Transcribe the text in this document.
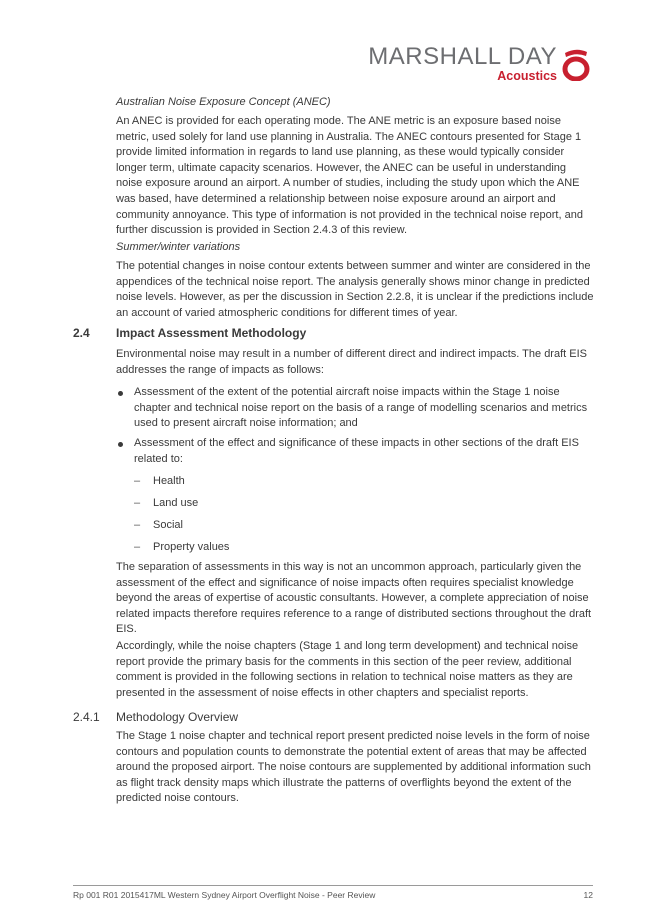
MARSHALL DAY
Acoustics
Australian Noise Exposure Concept (ANEC)

An ANEC is provided for each operating mode. The ANE metric is an exposure based noise metric, used solely for land use planning in Australia. The ANEC contours presented for Stage 1 provide limited information in regards to land use planning, as these would typically consider longer term, ultimate capacity scenarios. However, the ANEC can be useful in understanding noise exposure around an airport. A number of studies, including the study upon which the ANE was based, have determined a relationship between noise exposure around an airport and community annoyance. This type of information is not provided in the technical noise report, and further discussion is provided in Section 2.4.3 of this review.

Summer/winter variations

The potential changes in noise contour extents between summer and winter are considered in the appendices of the technical noise report. The analysis generally shows minor change in predicted noise levels. However, as per the discussion in Section 2.2.8, it is unclear if the predictions include an account of varied atmospheric conditions for different times of year.

2.4 Impact Assessment Methodology

Environmental noise may result in a number of different direct and indirect impacts. The draft EIS addresses the range of impacts as follows:

Assessment of the extent of the potential aircraft noise impacts within the Stage 1 noise chapter and technical noise report on the basis of a range of modelling scenarios and metrics used to present aircraft noise information; and
Assessment of the effect and significance of these impacts in other sections of the draft EIS related to:
– Health
– Land use
– Social
– Property values

The separation of assessments in this way is not an uncommon approach, particularly given the assessment of the effect and significance of noise impacts often requires specialist knowledge beyond the areas of expertise of acoustic consultants. However, a complete appreciation of noise related impacts therefore requires reference to a range of distributed sections throughout the draft EIS.

Accordingly, while the noise chapters (Stage 1 and long term development) and technical noise report provide the primary basis for the comments in this section of the peer review, additional comment is provided in the following sections in relation to technical noise matters as they are presented in the assessment of noise effects in other chapters and specialist reports.

2.4.1 Methodology Overview

The Stage 1 noise chapter and technical report present predicted noise levels in the form of noise contours and population counts to demonstrate the potential extent of areas that may be affected around the proposed airport. The noise contours are supplemented by additional information such as flight track density maps which illustrate the patterns of overflights beyond the extent of the predicted noise contours.

Rp 001 R01 2015417ML Western Sydney Airport Overflight Noise - Peer Review	12
